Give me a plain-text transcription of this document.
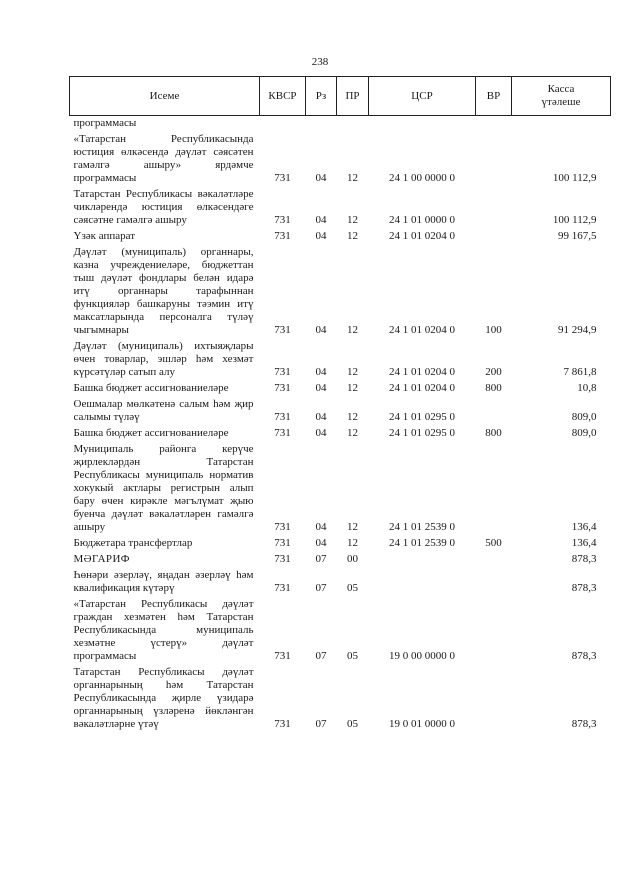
238
Исеме	КВСР	Рз	ПР	ЦСР	ВР	Касса
үтәлеше

программасы						
«Татарстан Республикасында юстиция өлкәсендә дәүләт сәясәтен гамәлгә ашыру» ярдәмче программасы	731	04	12	24 1 00 0000 0		100 112,9
Татарстан Республикасы вәкаләтләре чикләрендә юстиция өлкәсендәге сәясәтне гамәлгә ашыру	731	04	12	24 1 01 0000 0		100 112,9
Үзәк аппарат	731	04	12	24 1 01 0204 0		99 167,5
Дәүләт (муниципаль) органнары, казна учреждениеләре, бюджеттан тыш дәүләт фондлары белән идарә итү органнары тарафыннан функцияләр башкаруны тәэмин итү максатларында персоналга түләү чыгымнары	731	04	12	24 1 01 0204 0	100	91 294,9
Дәүләт (муниципаль) ихтыяҗлары өчен товарлар, эшләр һәм хезмәт күрсәтүләр сатып алу	731	04	12	24 1 01 0204 0	200	7 861,8
Башка бюджет ассигнованиеләре	731	04	12	24 1 01 0204 0	800	10,8
Оешмалар мөлкәтенә салым һәм җир салымы түләү	731	04	12	24 1 01 0295 0		809,0
Башка бюджет ассигнованиеләре	731	04	12	24 1 01 0295 0	800	809,0
Муниципаль районга керүче җирлекләрдән Татарстан Республикасы муниципаль норматив хокукый актлары регистрын алып бару өчен кирәкле мәгълүмат җыю буенча дәүләт вәкаләтләрен гамәлгә ашыру	731	04	12	24 1 01 2539 0		136,4
Бюджетара трансфертлар	731	04	12	24 1 01 2539 0	500	136,4
МӘГАРИФ	731	07	00			878,3
Һөнәри әзерләү, яңадан әзерләү һәм квалификация күтәрү	731	07	05			878,3
«Татарстан Республикасы дәүләт граждан хезмәтен һәм Татарстан Республикасында муниципаль хезмәтне үстерү» дәүләт программасы	731	07	05	19 0 00 0000 0		878,3
Татарстан Республикасы дәүләт органнарының һәм Татарстан Республикасында җирле үзидарә органнарының үзләренә йөкләнгән вәкаләтләрне үтәү	731	07	05	19 0 01 0000 0		878,3
